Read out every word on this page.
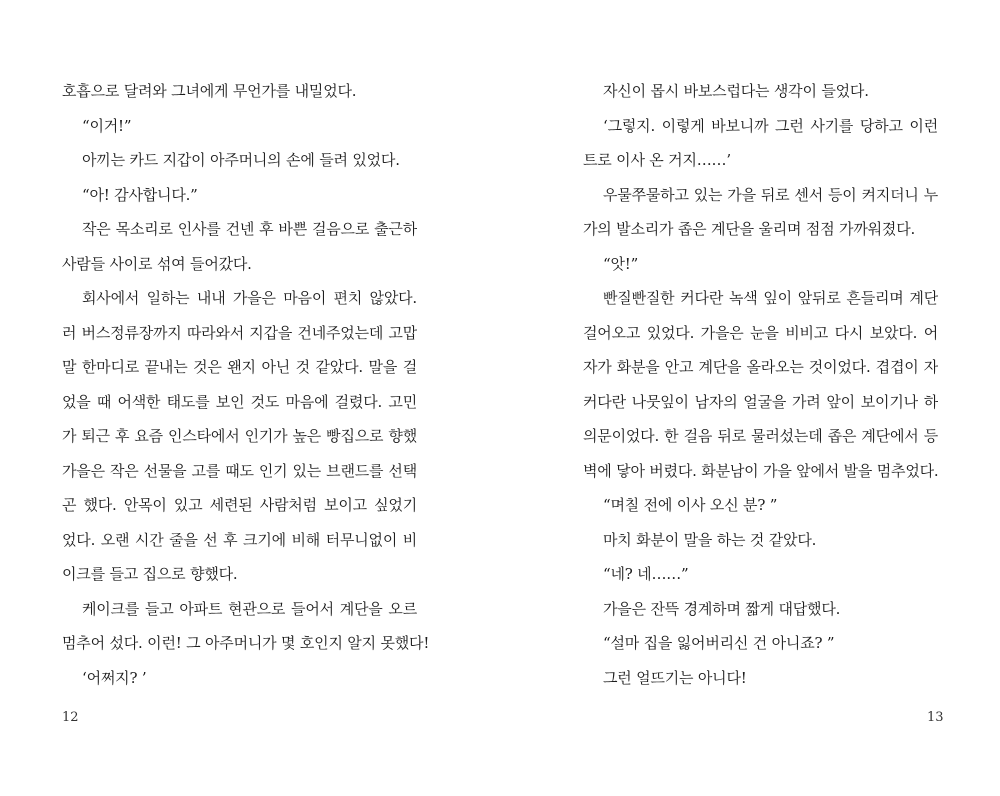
호흡으로 달려와 그녀에게 무언가를 내밀었다.
“이거!”
아끼는 카드 지갑이 아주머니의 손에 들려 있었다.
“아! 감사합니다.”
작은 목소리로 인사를 건넨 후 바쁜 걸음으로 출근하
사람들 사이로 섞여 들어갔다.
회사에서 일하는 내내 가을은 마음이 편치 않았다.
러 버스정류장까지 따라와서 지갑을 건네주었는데 고맙
말 한마디로 끝내는 것은 왠지 아닌 것 같았다. 말을 걸
었을 때 어색한 태도를 보인 것도 마음에 걸렸다. 고민
가 퇴근 후 요즘 인스타에서 인기가 높은 빵집으로 향했
가을은 작은 선물을 고를 때도 인기 있는 브랜드를 선택
곤 했다. 안목이 있고 세련된 사람처럼 보이고 싶었기
었다. 오랜 시간 줄을 선 후 크기에 비해 터무니없이 비
이크를 들고 집으로 향했다.
케이크를 들고 아파트 현관으로 들어서 계단을 오르
멈추어 섰다. 이런! 그 아주머니가 몇 호인지 알지 못했다!
‘어쩌지? ’
12
자신이 몹시 바보스럽다는 생각이 들었다.
‘그렇지. 이렇게 바보니까 그런 사기를 당하고 이런
트로 이사 온 거지……’
우물쭈물하고 있는 가을 뒤로 센서 등이 켜지더니 누
가의 발소리가 좁은 계단을 울리며 점점 가까워졌다.
“앗!”
빤질빤질한 커다란 녹색 잎이 앞뒤로 흔들리며 계단
걸어오고 있었다. 가을은 눈을 비비고 다시 보았다. 어
자가 화분을 안고 계단을 올라오는 것이었다. 겹겹이 자
커다란 나뭇잎이 남자의 얼굴을 가려 앞이 보이기나 하
의문이었다. 한 걸음 뒤로 물러섰는데 좁은 계단에서 등
벽에 닿아 버렸다. 화분남이 가을 앞에서 발을 멈추었다.
“며칠 전에 이사 오신 분? ”
마치 화분이 말을 하는 것 같았다.
“네? 네……”
가을은 잔뜩 경계하며 짧게 대답했다.
“설마 집을 잃어버리신 건 아니죠? ”
그런 얼뜨기는 아니다!
13
